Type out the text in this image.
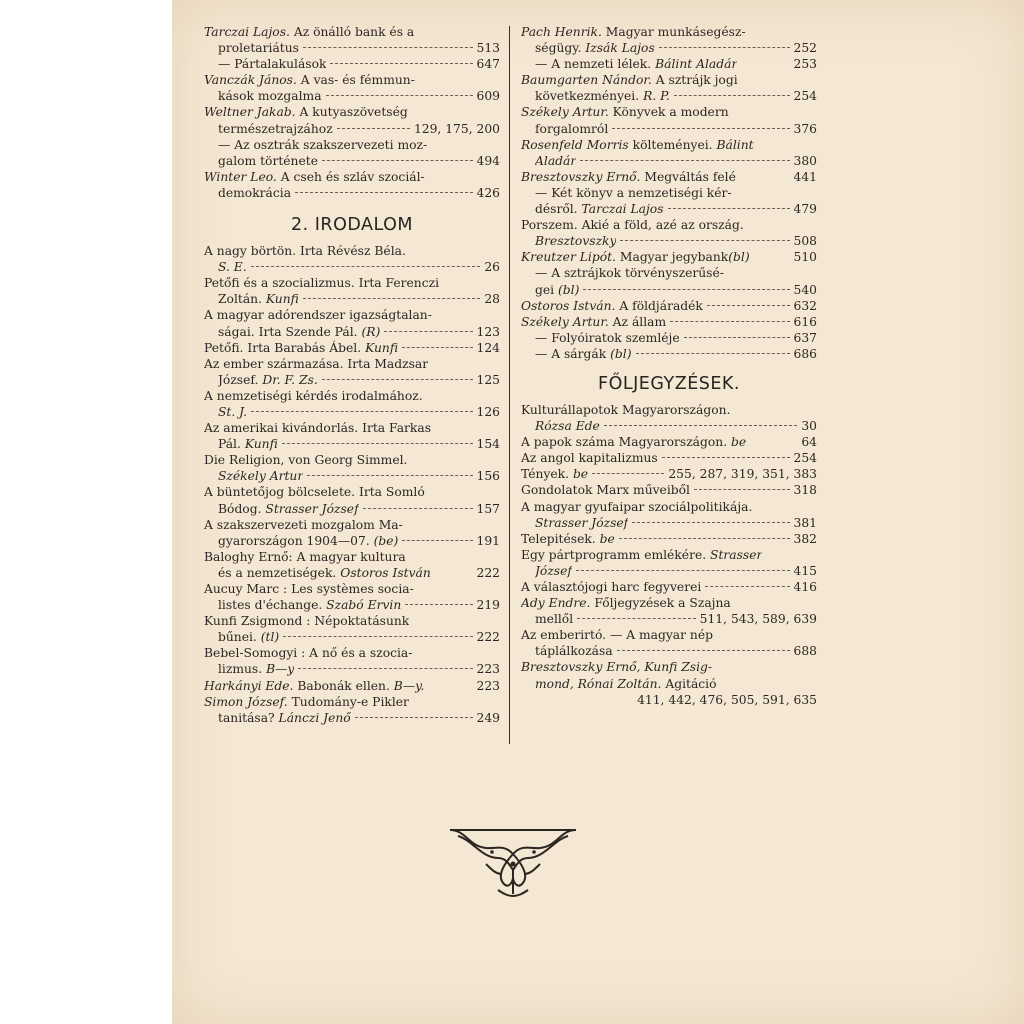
Tarczai Lajos. Az önálló bank és a
proletariátus	513
— Pártalakulások	647
Vanczák János. A vas- és fémmun-
kások mozgalma	609
Weltner Jakab. A kutyaszövetség
természetrajzához	129, 175, 200
— Az osztrák szakszervezeti moz-
galom története	494
Winter Leo. A cseh és szláv szociál-
demokrácia	426
2. IRODALOM
A nagy börtön. Irta Révész Béla.
S. E.	26
Petőfi és a szocializmus. Irta Ferenczi
Zoltán. Kunfi	28
A magyar adórendszer igazságtalan-
ságai. Irta Szende Pál. (R)	123
Petőfi. Irta Barabás Ábel. Kunfi	124
Az ember származása. Irta Madzsar
József. Dr. F. Zs.	125
A nemzetiségi kérdés irodalmához.
St. J.	126
Az amerikai kivándorlás. Irta Farkas
Pál. Kunfi	154
Die Religion, von Georg Simmel.
Székely Artur	156
A büntetőjog bölcselete. Irta Somló
Bódog. Strasser József	157
A szakszervezeti mozgalom Ma-
gyarországon 1904—07. (be)	191
Baloghy Ernő: A magyar kultura
és a nemzetiségek. Ostoros István	222
Aucuy Marc : Les systèmes socia-
listes d'échange. Szabó Ervin	219
Kunfi Zsigmond : Népoktatásunk
bűnei. (tl)	222
Bebel-Somogyi : A nő és a szocia-
lizmus. B—y	223
Harkányi Ede. Babonák ellen. B—y.	223
Simon József. Tudomány-e Pikler
tanitása? Lánczi Jenő	249
Pach Henrik. Magyar munkásegész-
ségügy. Izsák Lajos	252
— A nemzeti lélek. Bálint Aladár	253
Baumgarten Nándor. A sztrájk jogi
következményei. R. P.	254
Székely Artur. Könyvek a modern
forgalomról	376
Rosenfeld Morris költeményei. Bálint
Aladár	380
Bresztovszky Ernő. Megváltás felé	441
— Két könyv a nemzetiségi kér-
désről. Tarczai Lajos	479
Porszem. Akié a föld, azé az ország.
Bresztovszky	508
Kreutzer Lipót. Magyar jegybank(bl)	510
— A sztrájkok törvényszerűsé-
gei (bl)	540
Ostoros István. A földjáradék	632
Székely Artur. Az állam	616
— Folyóiratok szemléje	637
— A sárgák (bl)	686
FŐLJEGYZÉSEK.
Kulturállapotok Magyarországon.
Rózsa Ede	30
A papok száma Magyarországon. be	64
Az angol kapitalizmus	254
Tények. be	255, 287, 319, 351, 383
Gondolatok Marx műveiből	318
A magyar gyufaipar szociálpolitikája.
Strasser József	381
Telepitések. be	382
Egy pártprogramm emlékére. Strasser
József	415
A választójogi harc fegyverei	416
Ady Endre. Főljegyzések a Szajna
mellől	511, 543, 589, 639
Az emberirtó. — A magyar nép
táplálkozása	688
Bresztovszky Ernő, Kunfi Zsig-
mond, Rónai Zoltán. Agitáció
411, 442, 476, 505, 591, 635
